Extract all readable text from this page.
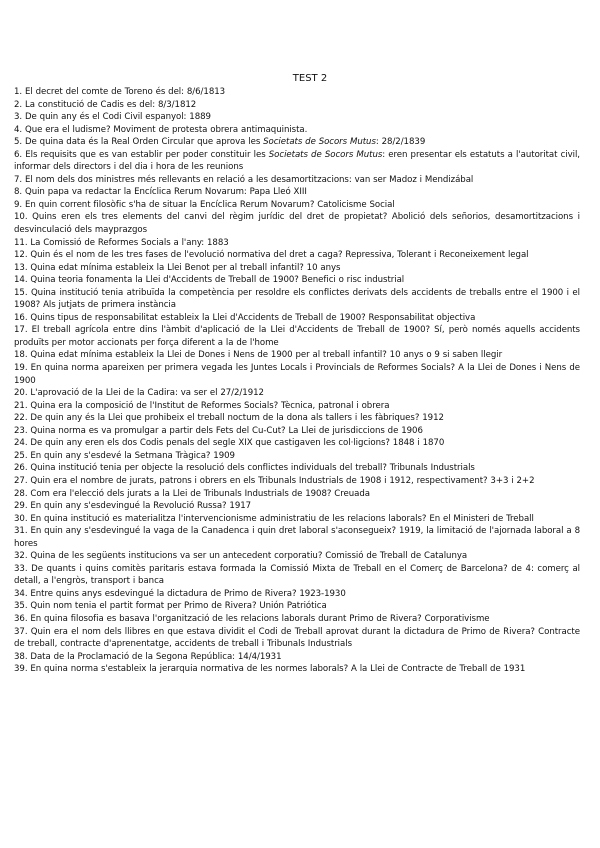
TEST 2

1. El decret del comte de Toreno és del: 8/6/1813

2. La constitució de Cadis es del: 8/3/1812

3. De quin any és el Codi Civil espanyol: 1889

4. Que era el ludisme? Moviment de protesta obrera antimaquinista.

5. De quina data és la Real Orden Circular que aprova les Societats de Socors Mutus: 28/2/1839

6. Els requisits que es van establir per poder constituir les Societats de Socors Mutus: eren presentar els estatuts a l'autoritat civil, informar dels directors i del dia i hora de les reunions

7. El nom dels dos ministres més rellevants en relació a les desamortitzacions: van ser Madoz i Mendizábal

8. Quin papa va redactar la Encíclica Rerum Novarum: Papa Lleó XIII

9. En quin corrent filosòfic s'ha de situar la Encíclica Rerum Novarum? Catolicisme Social

10. Quins eren els tres elements del canvi del règim jurídic del dret de propietat? Abolició dels señorios, desamortitzacions i desvinculació dels mayprazgos

11. La Comissió de Reformes Socials a l'any: 1883

12. Quin és el nom de les tres fases de l'evolució normativa del dret a caga? Repressiva, Tolerant i Reconeixement legal

13. Quina edat mínima estableix la Llei Benot per al treball infantil? 10 anys

14. Quina teoria fonamenta la Llei d'Accidents de Treball de 1900? Benefici o risc industrial

15. Quina institució tenia atribuïda la competència per resoldre els conflictes derivats dels accidents de treballs entre el 1900 i el 1908? Als jutjats de primera instància

16. Quins tipus de responsabilitat estableix la Llei d'Accidents de Treball de 1900? Responsabilitat objectiva

17. El treball agrícola entre dins l'àmbit d'aplicació de la Llei d'Accidents de Treball de 1900? Sí, però només aquells accidents produïts per motor accionats per força diferent a la de l'home

18. Quina edat mínima estableix la Llei de Dones i Nens de 1900 per al treball infantil? 10 anys o 9 si saben llegir

19. En quina norma apareixen per primera vegada les Juntes Locals i Provincials de Reformes Socials? A la Llei de Dones i Nens de 1900

20. L'aprovació de la Llei de la Cadira: va ser el 27/2/1912

21. Quina era la composició de l'Institut de Reformes Socials? Tècnica, patronal i obrera

22. De quin any és la Llei que prohibeix el treball noctum de la dona als tallers i les fàbriques? 1912

23. Quina norma es va promulgar a partir dels Fets del Cu-Cut? La Llei de jurisdiccions de 1906

24. De quin any eren els dos Codis penals del segle XIX que castigaven les col·ligcions? 1848 i 1870

25. En quin any s'esdevé la Setmana Tràgica? 1909

26. Quina institució tenia per objecte la resolució dels conflictes individuals del treball? Tribunals Industrials

27. Quin era el nombre de jurats, patrons i obrers en els Tribunals Industrials de 1908 i 1912, respectivament? 3+3 i 2+2

28. Com era l'elecció dels jurats a la Llei de Tribunals Industrials de 1908? Creuada

29. En quin any s'esdevingué la Revolució Russa? 1917

30. En quina institució es materialitza l'intervencionisme administratiu de les relacions laborals? En el Ministeri de Treball

31. En quin any s'esdevingué la vaga de la Canadenca i quin dret laboral s'aconsegueix? 1919, la limitació de l'ajornada laboral a 8 hores

32. Quina de les següents institucions va ser un antecedent corporatiu? Comissió de Treball de Catalunya

33. De quants i quins comitès paritaris estava formada la Comissió Mixta de Treball en el Comerç de Barcelona? de 4: comerç al detall, a l'engròs, transport i banca

34. Entre quins anys esdevingué la dictadura de Primo de Rivera? 1923-1930

35. Quin nom tenia el partit format per Primo de Rivera? Unión Patriótica

36. En quina filosofia es basava l'organització de les relacions laborals durant Primo de Rivera? Corporativisme

37. Quin era el nom dels llibres en que estava dividit el Codi de Treball aprovat durant la dictadura de Primo de Rivera? Contracte de treball, contracte d'aprenentatge, accidents de treball i Tribunals Industrials

38. Data de la Proclamació de la Segona República: 14/4/1931

39. En quina norma s'estableix la jerarquia normativa de les normes laborals? A la Llei de Contracte de Treball de 1931
